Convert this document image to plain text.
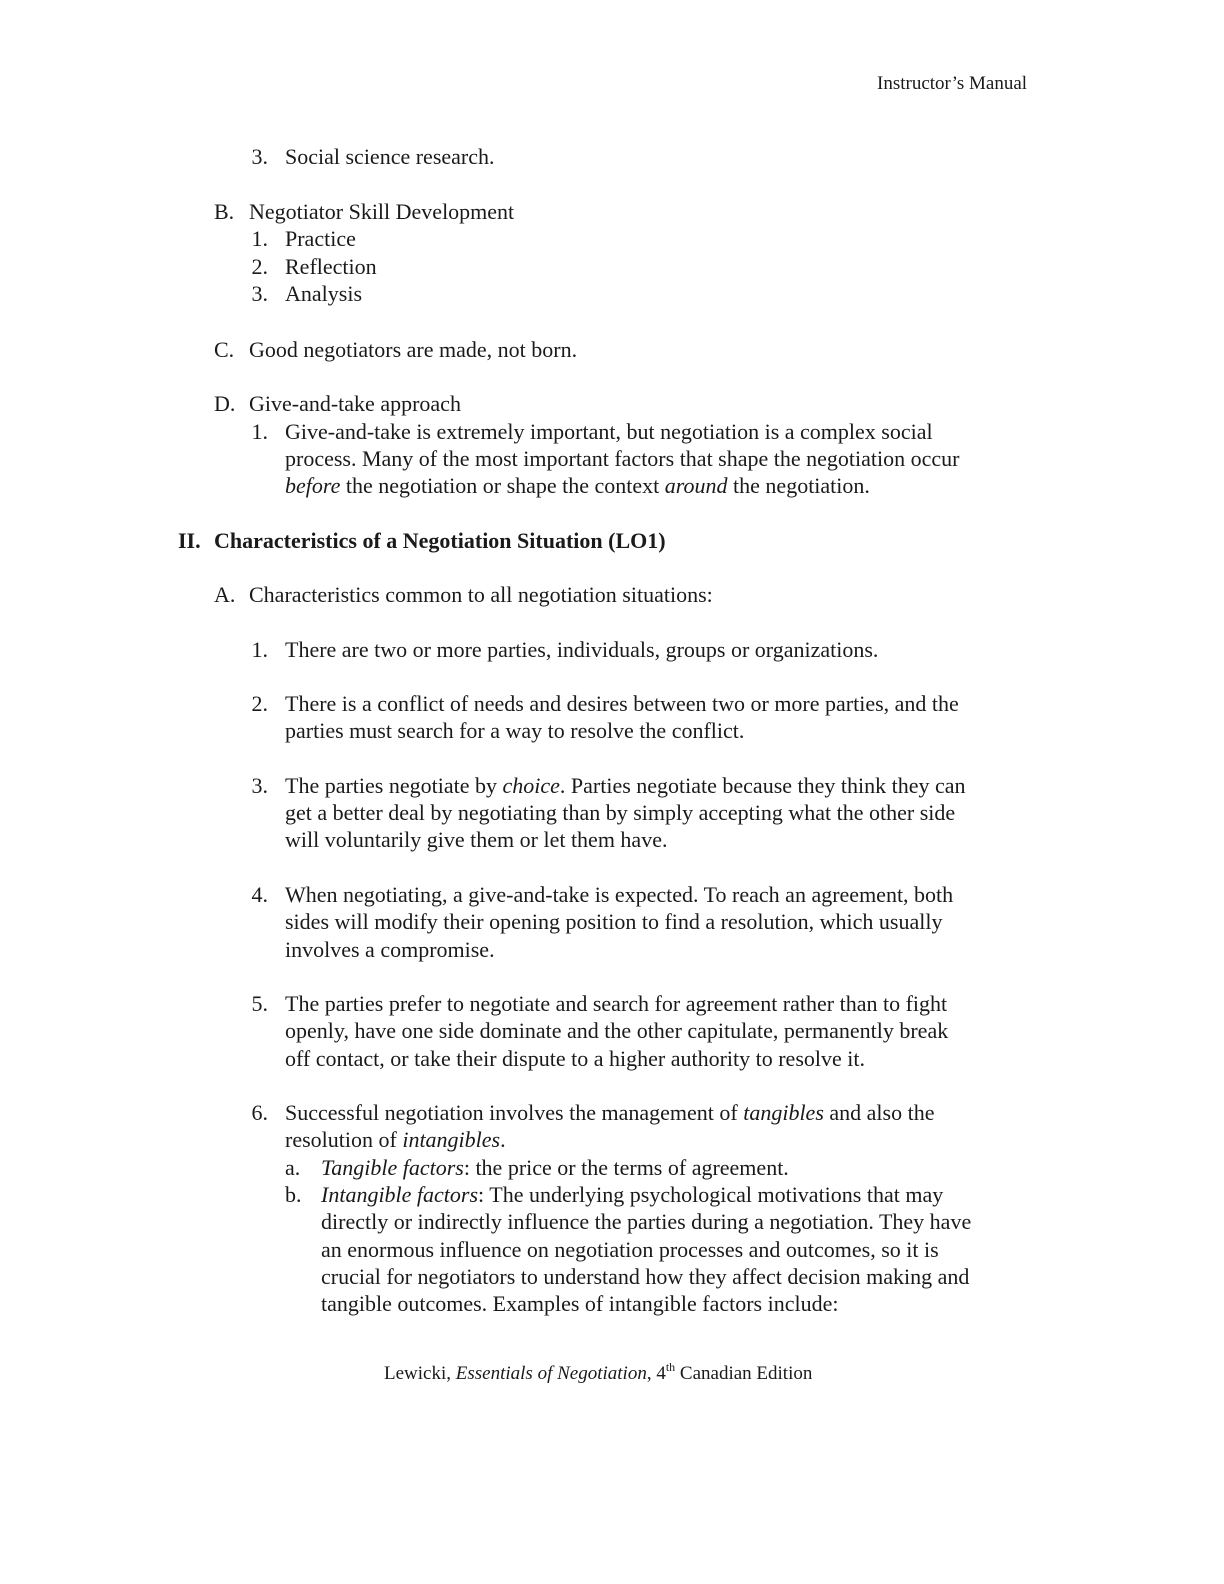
Instructor’s Manual
3. Social science research.
B. Negotiator Skill Development
1. Practice
2. Reflection
3. Analysis
C. Good negotiators are made, not born.
D. Give-and-take approach
1. Give-and-take is extremely important, but negotiation is a complex social
process. Many of the most important factors that shape the negotiation occur
before the negotiation or shape the context around the negotiation.
II. Characteristics of a Negotiation Situation (LO1)
A. Characteristics common to all negotiation situations:
1. There are two or more parties, individuals, groups or organizations.
2. There is a conflict of needs and desires between two or more parties, and the
parties must search for a way to resolve the conflict.
3. The parties negotiate by choice. Parties negotiate because they think they can
get a better deal by negotiating than by simply accepting what the other side
will voluntarily give them or let them have.
4. When negotiating, a give-and-take is expected. To reach an agreement, both
sides will modify their opening position to find a resolution, which usually
involves a compromise.
5. The parties prefer to negotiate and search for agreement rather than to fight
openly, have one side dominate and the other capitulate, permanently break
off contact, or take their dispute to a higher authority to resolve it.
6. Successful negotiation involves the management of tangibles and also the
resolution of intangibles.
a. Tangible factors: the price or the terms of agreement.
b. Intangible factors: The underlying psychological motivations that may
directly or indirectly influence the parties during a negotiation. They have
an enormous influence on negotiation processes and outcomes, so it is
crucial for negotiators to understand how they affect decision making and
tangible outcomes. Examples of intangible factors include:
Lewicki, Essentials of Negotiation, 4th Canadian Edition
